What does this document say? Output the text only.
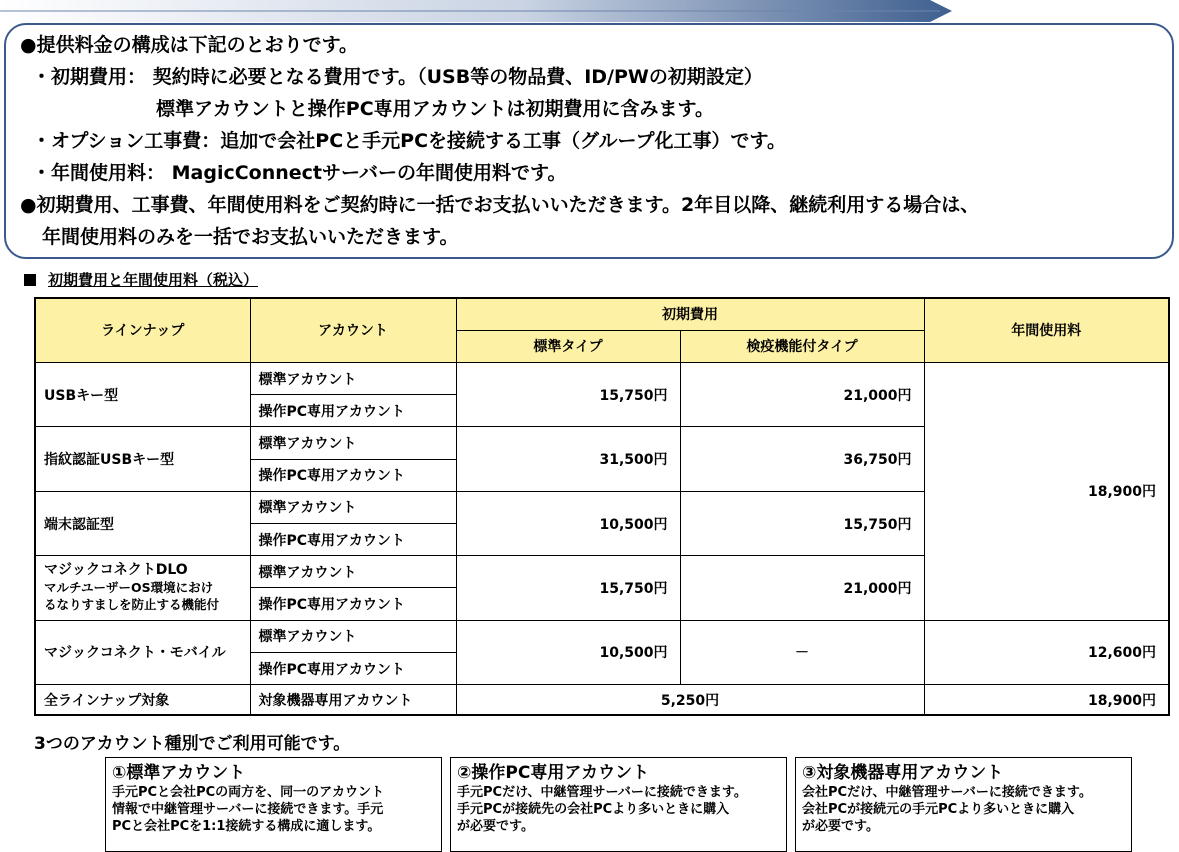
●提供料金の構成は下記のとおりです。
・初期費用： 契約時に必要となる費用です。（USB等の物品費、ID/PWの初期設定）
標準アカウントと操作PC専用アカウントは初期費用に含みます。
・オプション工事費：追加で会社PCと手元PCを接続する工事（グループ化工事）です。
・年間使用料： MagicConnectサーバーの年間使用料です。
●初期費用、工事費、年間使用料をご契約時に一括でお支払いいただきます。2年目以降、継続利用する場合は、
年間使用料のみを一括でお支払いいただきます。
初期費用と年間使用料（税込）
ラインナップ	アカウント	初期費用		年間使用料
		標準タイプ	検疫機能付タイプ	
USBキー型	標準アカウント	15,750円	21,000円	18,900円
	操作PC専用アカウント			
指紋認証USBキー型	標準アカウント	31,500円	36,750円	
	操作PC専用アカウント			
端末認証型	標準アカウント	10,500円	15,750円	
	操作PC専用アカウント			

マジックコネクトDLO
マルチユーザーOS環境におけ
るなりすましを防止する機能付	標準アカウント	15,750円	21,000円	
	操作PC専用アカウント			
マジックコネクト・モバイル	標準アカウント	10,500円	－	12,600円
	操作PC専用アカウント			
全ラインナップ対象	対象機器専用アカウント	5,250円		18,900円
3つのアカウント種別でご利用可能です。
①標準アカウント
手元PCと会社PCの両方を、同一のアカウント
情報で中継管理サーバーに接続できます。手元
PCと会社PCを1:1接続する構成に適します。
②操作PC専用アカウント
手元PCだけ、中継管理サーバーに接続できます。
手元PCが接続先の会社PCより多いときに購入
が必要です。
③対象機器専用アカウント
会社PCだけ、中継管理サーバーに接続できます。
会社PCが接続元の手元PCより多いときに購入
が必要です。
